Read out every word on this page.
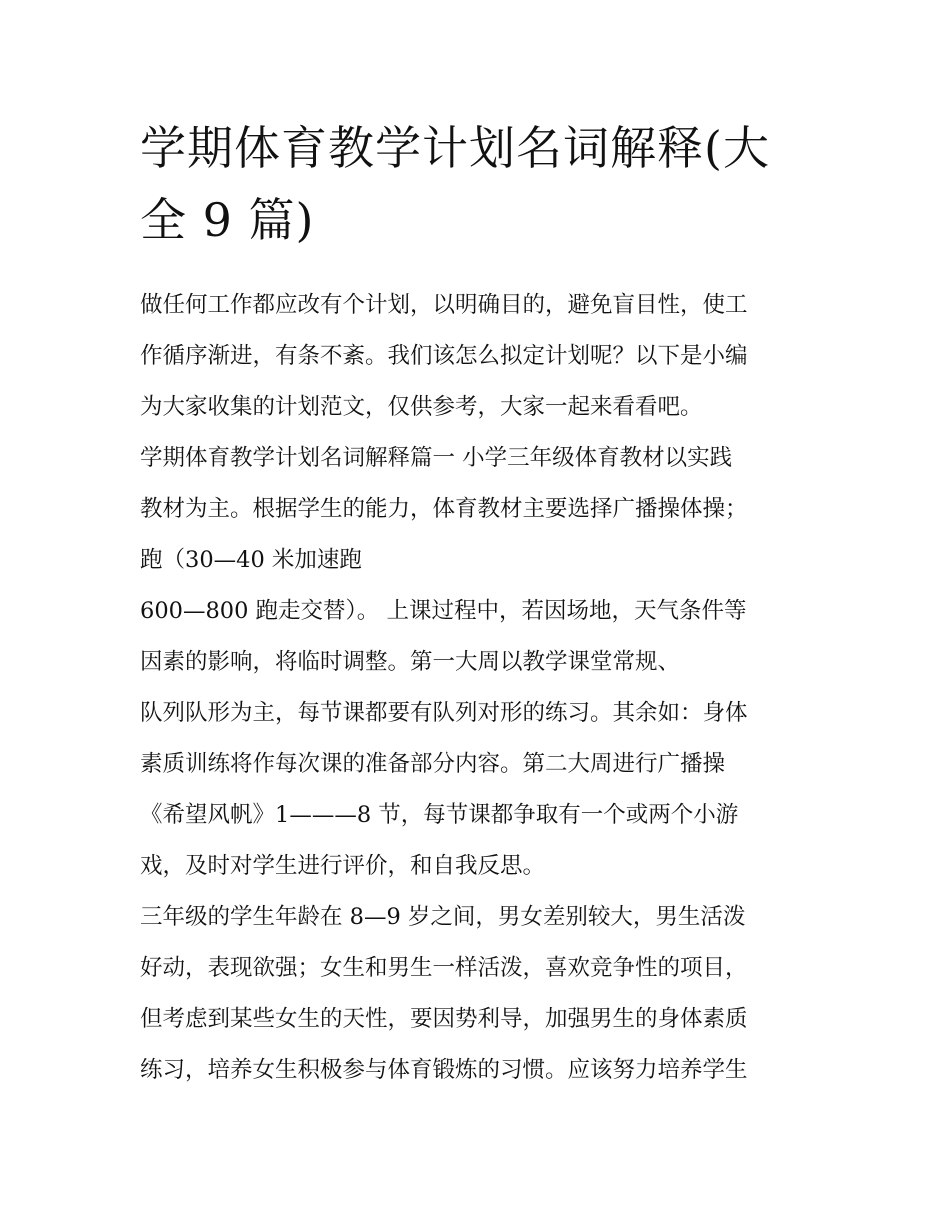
学期体育教学计划名词解释(大
全 9 篇)
做任何工作都应改有个计划，以明确目的，避免盲目性，使工
作循序渐进，有条不紊。我们该怎么拟定计划呢？以下是小编
为大家收集的计划范文，仅供参考，大家一起来看看吧。
学期体育教学计划名词解释篇一 小学三年级体育教材以实践
教材为主。根据学生的能力，体育教材主要选择广播操体操；
跑（30—40 米加速跑
600—800 跑走交替）。 上课过程中，若因场地，天气条件等
因素的影响，将临时调整。第一大周以教学课堂常规、
队列队形为主，每节课都要有队列对形的练习。其余如：身体
素质训练将作每次课的准备部分内容。第二大周进行广播操
《希望风帆》1———8 节，每节课都争取有一个或两个小游
戏，及时对学生进行评价，和自我反思。
三年级的学生年龄在 8—9 岁之间，男女差别较大，男生活泼
好动，表现欲强；女生和男生一样活泼，喜欢竞争性的项目，
但考虑到某些女生的天性，要因势利导，加强男生的身体素质
练习，培养女生积极参与体育锻炼的习惯。应该努力培养学生
